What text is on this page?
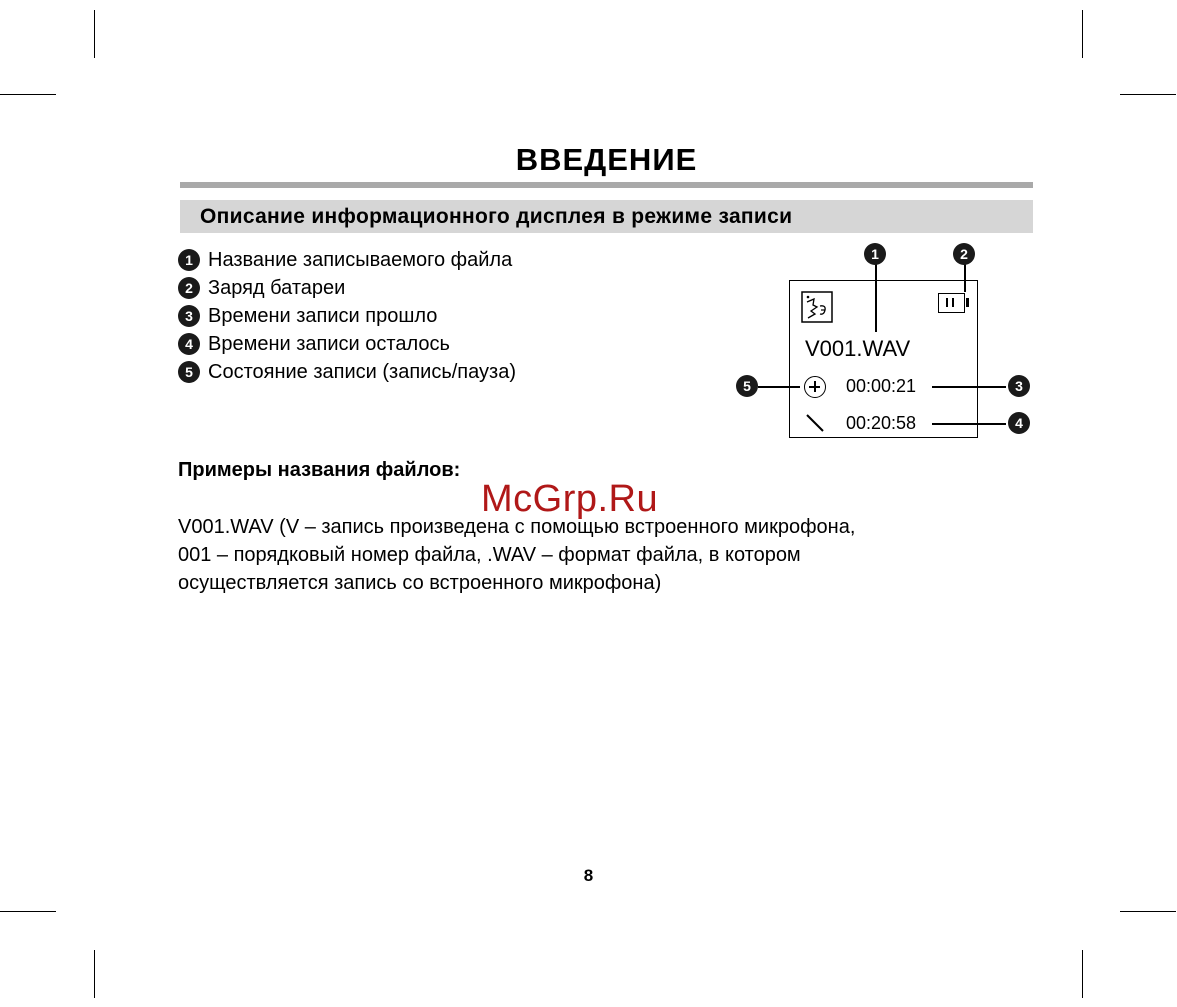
ВВЕДЕНИЕ
Описание информационного дисплея в режиме записи
1 Название записываемого файла
2 Заряд батареи
3 Времени записи прошло
4 Времени записи осталось
5 Состояние записи (запись/пауза)
V001.WAV
00:00:21
00:20:58
1	2
3
4
5
Примеры названия файлов:
McGrp.Ru
V001.WAV (V – запись произведена с помощью встроенного микрофона,
001 – порядковый номер файла, .WAV – формат файла, в котором
осуществляется запись со встроенного микрофона)
8
